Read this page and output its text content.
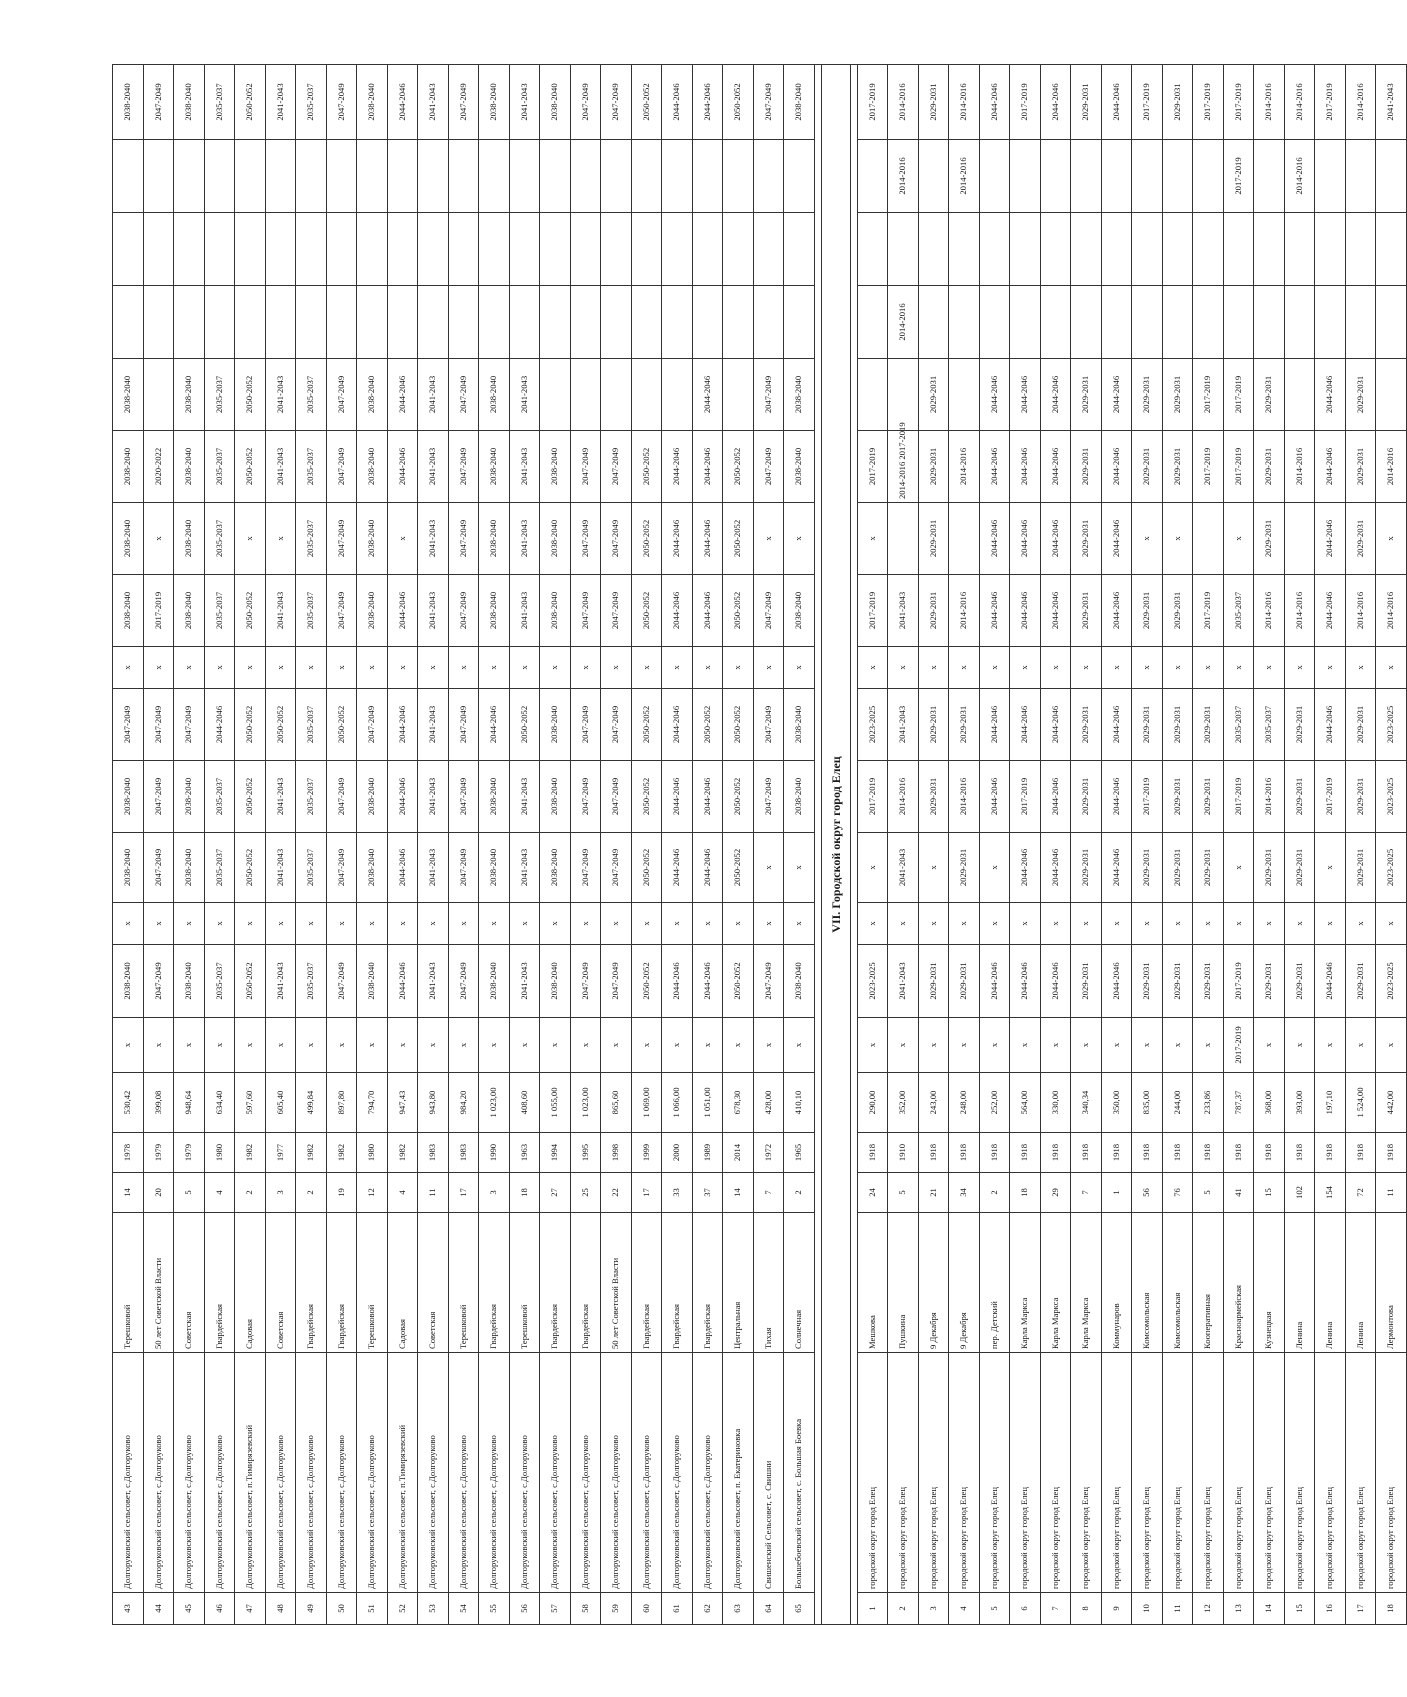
43	Долгоруковский сельсовет, с.Долгоруково	Терешковой	14	1978	530,42	x	2038-2040	x	2038-2040	2038-2040	2047-2049	x	2038-2040	2038-2040	2038-2040	2038-2040				2038-2040
44	Долгоруковский сельсовет, с.Долгоруково	50 лет Советской Власти	20	1979	399,08	x	2047-2049	x	2047-2049	2047-2049	2047-2049	x	2017-2019	x	2020-2022					2047-2049
45	Долгоруковский сельсовет, с.Долгоруково	Советская	5	1979	948,64	x	2038-2040	x	2038-2040	2038-2040	2047-2049	x	2038-2040	2038-2040	2038-2040	2038-2040				2038-2040
46	Долгоруковский сельсовет, с.Долгоруково	Гвардейская	4	1980	634,40	x	2035-2037	x	2035-2037	2035-2037	2044-2046	x	2035-2037	2035-2037	2035-2037	2035-2037				2035-2037
47	Долгоруковский сельсовет, п.Тимирязевский	Садовая	2	1982	597,60	x	2050-2052	x	2050-2052	2050-2052	2050-2052	x	2050-2052	x	2050-2052	2050-2052				2050-2052
48	Долгоруковский сельсовет, с.Долгоруково	Советская	3	1977	605,40	x	2041-2043	x	2041-2043	2041-2043	2050-2052	x	2041-2043	x	2041-2043	2041-2043				2041-2043
49	Долгоруковский сельсовет, с.Долгоруково	Гвардейская	2	1982	499,84	x	2035-2037	x	2035-2037	2035-2037	2035-2037	x	2035-2037	2035-2037	2035-2037	2035-2037				2035-2037
50	Долгоруковский сельсовет, с.Долгоруково	Гвардейская	19	1982	897,80	x	2047-2049	x	2047-2049	2047-2049	2050-2052	x	2047-2049	2047-2049	2047-2049	2047-2049				2047-2049
51	Долгоруковский сельсовет, с.Долгоруково	Терешковой	12	1980	794,70	x	2038-2040	x	2038-2040	2038-2040	2047-2049	x	2038-2040	2038-2040	2038-2040	2038-2040				2038-2040
52	Долгоруковский сельсовет, п.Тимирязевский	Садовая	4	1982	947,43	x	2044-2046	x	2044-2046	2044-2046	2044-2046	x	2044-2046	x	2044-2046	2044-2046				2044-2046
53	Долгоруковский сельсовет, с.Долгоруково	Советская	11	1983	943,80	x	2041-2043	x	2041-2043	2041-2043	2041-2043	x	2041-2043	2041-2043	2041-2043	2041-2043				2041-2043
54	Долгоруковский сельсовет, с.Долгоруково	Терешковой	17	1983	984,20	x	2047-2049	x	2047-2049	2047-2049	2047-2049	x	2047-2049	2047-2049	2047-2049	2047-2049				2047-2049
55	Долгоруковский сельсовет, с.Долгоруково	Гвардейская	3	1990	1 023,00	x	2038-2040	x	2038-2040	2038-2040	2044-2046	x	2038-2040	2038-2040	2038-2040	2038-2040				2038-2040
56	Долгоруковский сельсовет, с.Долгоруково	Терешковой	18	1963	408,60	x	2041-2043	x	2041-2043	2041-2043	2050-2052	x	2041-2043	2041-2043	2041-2043	2041-2043				2041-2043
57	Долгоруковский сельсовет, с.Долгоруково	Гвардейская	27	1994	1 055,00	x	2038-2040	x	2038-2040	2038-2040	2038-2040	x	2038-2040	2038-2040	2038-2040					2038-2040
58	Долгоруковский сельсовет, с.Долгоруково	Гвардейская	25	1995	1 023,00	x	2047-2049	x	2047-2049	2047-2049	2047-2049	x	2047-2049	2047-2049	2047-2049					2047-2049
59	Долгоруковский сельсовет, с.Долгоруково	50 лет Советской Власти	22	1998	865,60	x	2047-2049	x	2047-2049	2047-2049	2047-2049	x	2047-2049	2047-2049	2047-2049					2047-2049
60	Долгоруковский сельсовет, с.Долгоруково	Гвардейская	17	1999	1 069,00	x	2050-2052	x	2050-2052	2050-2052	2050-2052	x	2050-2052	2050-2052	2050-2052					2050-2052
61	Долгоруковский сельсовет, с.Долгоруково	Гвардейская	33	2000	1 066,00	x	2044-2046	x	2044-2046	2044-2046	2044-2046	x	2044-2046	2044-2046	2044-2046					2044-2046
62	Долгоруковский сельсовет, с.Долгоруково	Гвардейская	37	1989	1 051,00	x	2044-2046	x	2044-2046	2044-2046	2050-2052	x	2044-2046	2044-2046	2044-2046	2044-2046				2044-2046
63	Долгоруковский сельсовет, п. Екатериновка	Центральная	14	2014	678,30	x	2050-2052	x	2050-2052	2050-2052	2050-2052	x	2050-2052	2050-2052	2050-2052					2050-2052
64	Свишенский Сельсовет, с. Свишни	Тихая	7	1972	428,00	x	2047-2049	x	x	2047-2049	2047-2049	x	2047-2049	x	2047-2049	2047-2049				2047-2049
65	Большебоевский сельсовет, с. Большая Боевка	Солнечная	2	1965	410,10	x	2038-2040	x	x	2038-2040	2038-2040	x	2038-2040	x	2038-2040	2038-2040				2038-2040

VII. Городской округ город Елец																				

1	городской округ город Елец	Мешкова	24	1918	290,00	x	2023-2025	x	x	2017-2019	2023-2025	x	2017-2019	x	2017-2019					2017-2019
2	городской округ город Елец	Пушкина	5	1910	352,00	x	2041-2043	x	2041-2043	2014-2016	2041-2043	x	2041-2043		2014-2016 2017-2019		2014-2016		2014-2016	2014-2016
3	городской округ город Елец	9 Декабря	21	1918	243,00	x	2029-2031	x	x	2029-2031	2029-2031	x	2029-2031	2029-2031	2029-2031	2029-2031				2029-2031
4	городской округ город Елец	9 Декабря	34	1918	248,00	x	2029-2031	x	2029-2031	2014-2016	2029-2031	x	2014-2016		2014-2016				2014-2016	2014-2016
5	городской округ город Елец	пер. Детский	2	1918	252,00	x	2044-2046	x	x	2044-2046	2044-2046	x	2044-2046	2044-2046	2044-2046	2044-2046				2044-2046
6	городской округ город Елец	Карла Маркса	18	1918	564,00	x	2044-2046	x	2044-2046	2017-2019	2044-2046	x	2044-2046	2044-2046	2044-2046	2044-2046				2017-2019
7	городской округ город Елец	Карла Маркса	29	1918	330,00	x	2044-2046	x	2044-2046	2044-2046	2044-2046	x	2044-2046	2044-2046	2044-2046	2044-2046				2044-2046
8	городской округ город Елец	Карла Маркса	7	1918	340,34	x	2029-2031	x	2029-2031	2029-2031	2029-2031	x	2029-2031	2029-2031	2029-2031	2029-2031				2029-2031
9	городской округ город Елец	Коммунаров	1	1918	350,00	x	2044-2046	x	2044-2046	2044-2046	2044-2046	x	2044-2046	2044-2046	2044-2046	2044-2046				2044-2046
10	городской округ город Елец	Комсомольская	56	1918	835,00	x	2029-2031	x	2029-2031	2017-2019	2029-2031	x	2029-2031	x	2029-2031	2029-2031				2017-2019
11	городской округ город Елец	Комсомольская	76	1918	244,00	x	2029-2031	x	2029-2031	2029-2031	2029-2031	x	2029-2031	x	2029-2031	2029-2031				2029-2031
12	городской округ город Елец	Кооперативная	5	1918	233,86	x	2029-2031	x	2029-2031	2029-2031	2029-2031	x	2017-2019		2017-2019	2017-2019				2017-2019
13	городской округ город Елец	Красноармейская	41	1918	787,37	2017-2019	2017-2019	x	x	2017-2019	2035-2037	x	2035-2037	x	2017-2019	2017-2019			2017-2019	2017-2019
14	городской округ город Елец	Кузнецкая	15	1918	368,00	x	2029-2031	x	2029-2031	2014-2016	2035-2037	x	2014-2016	2029-2031	2029-2031	2029-2031				2014-2016
15	городской округ город Елец	Ленина	102	1918	393,00	x	2029-2031	x	2029-2031	2029-2031	2029-2031	x	2014-2016		2014-2016				2014-2016	2014-2016
16	городской округ город Елец	Ленина	154	1918	197,10	x	2044-2046	x	x	2017-2019	2044-2046	x	2044-2046	2044-2046	2044-2046	2044-2046				2017-2019
17	городской округ город Елец	Ленина	72	1918	1 524,00	x	2029-2031	x	2029-2031	2029-2031	2029-2031	x	2014-2016	2029-2031	2029-2031	2029-2031				2014-2016
18	городской округ город Елец	Лермонтова	11	1918	442,00	x	2023-2025	x	2023-2025	2023-2025	2023-2025	x	2014-2016	x	2014-2016					2041-2043
